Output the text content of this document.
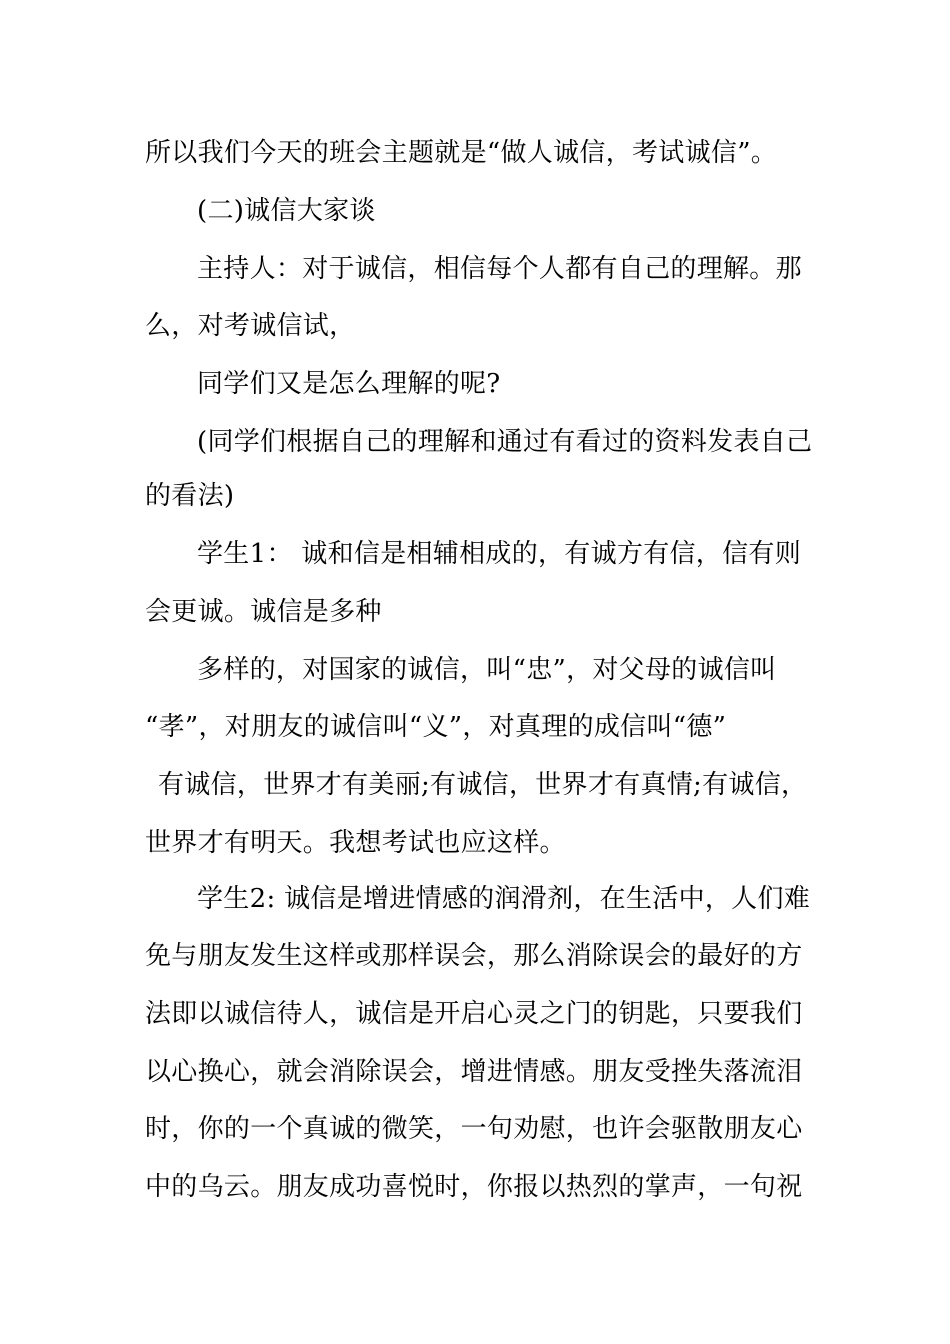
所以我们今天的班会主题就是“做人诚信，考试诚信”。
(二)诚信大家谈
主持人：对于诚信，相信每个人都有自己的理解。那
么，对考诚信试，
同学们又是怎么理解的呢?
(同学们根据自己的理解和通过有看过的资料发表自己
的看法)
学生1： 诚和信是相辅相成的，有诚方有信，信有则
会更诚。诚信是多种
多样的，对国家的诚信，叫“忠”，对父母的诚信叫
“孝”，对朋友的诚信叫“义”，对真理的成信叫“德”
有诚信，世界才有美丽;有诚信，世界才有真情;有诚信，
世界才有明天。我想考试也应这样。
学生2: 诚信是增进情感的润滑剂，在生活中，人们难
免与朋友发生这样或那样误会，那么消除误会的最好的方
法即以诚信待人，诚信是开启心灵之门的钥匙，只要我们
以心换心，就会消除误会，增进情感。朋友受挫失落流泪
时，你的一个真诚的微笑，一句劝慰，也许会驱散朋友心
中的乌云。朋友成功喜悦时，你报以热烈的掌声，一句祝
